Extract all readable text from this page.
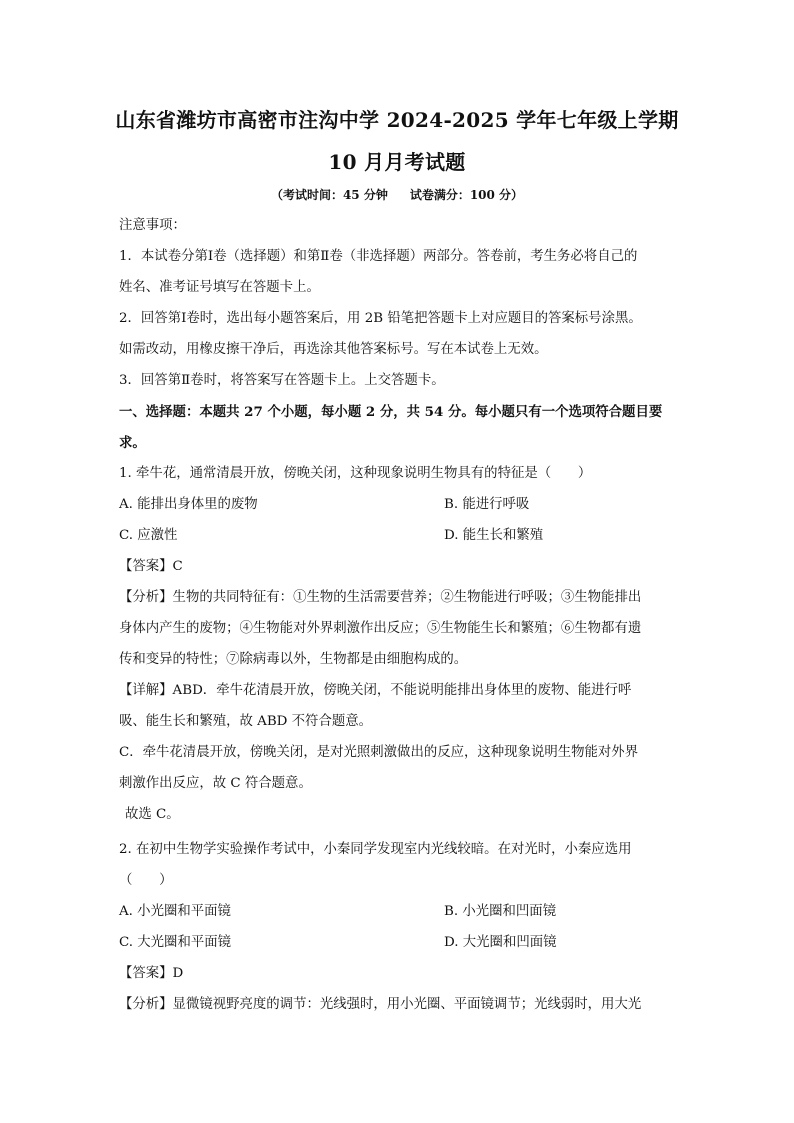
山东省潍坊市高密市注沟中学 2024-2025 学年七年级上学期
10 月月考试题
（考试时间：45 分钟 试卷满分：100 分）
注意事项：
1．本试卷分第Ⅰ卷（选择题）和第Ⅱ卷（非选择题）两部分。答卷前，考生务必将自己的
姓名、准考证号填写在答题卡上。
2．回答第Ⅰ卷时，选出每小题答案后，用 2B 铅笔把答题卡上对应题目的答案标号涂黑。
如需改动，用橡皮擦干净后，再选涂其他答案标号。写在本试卷上无效。
3．回答第Ⅱ卷时，将答案写在答题卡上。上交答题卡。
一、选择题：本题共 27 个小题，每小题 2 分，共 54 分。每小题只有一个选项符合题目要
求。
1. 牵牛花，通常清晨开放，傍晚关闭，这种现象说明生物具有的特征是（　　）
A. 能排出身体里的废物	B. 能进行呼吸
C. 应激性	D. 能生长和繁殖
【答案】C
【分析】生物的共同特征有：①生物的生活需要营养；②生物能进行呼吸；③生物能排出
身体内产生的废物；④生物能对外界刺激作出反应；⑤生物能生长和繁殖；⑥生物都有遗
传和变异的特性；⑦除病毒以外，生物都是由细胞构成的。
【详解】ABD．牵牛花清晨开放，傍晚关闭，不能说明能排出身体里的废物、能进行呼
吸、能生长和繁殖，故 ABD 不符合题意。
C．牵牛花清晨开放，傍晚关闭，是对光照刺激做出的反应，这种现象说明生物能对外界
刺激作出反应，故 C 符合题意。
故选 C。
2. 在初中生物学实验操作考试中，小秦同学发现室内光线较暗。在对光时，小秦应选用
（　　）
A. 小光圈和平面镜	B. 小光圈和凹面镜
C. 大光圈和平面镜	D. 大光圈和凹面镜
【答案】D
【分析】显微镜视野亮度的调节：光线强时，用小光圈、平面镜调节；光线弱时，用大光
